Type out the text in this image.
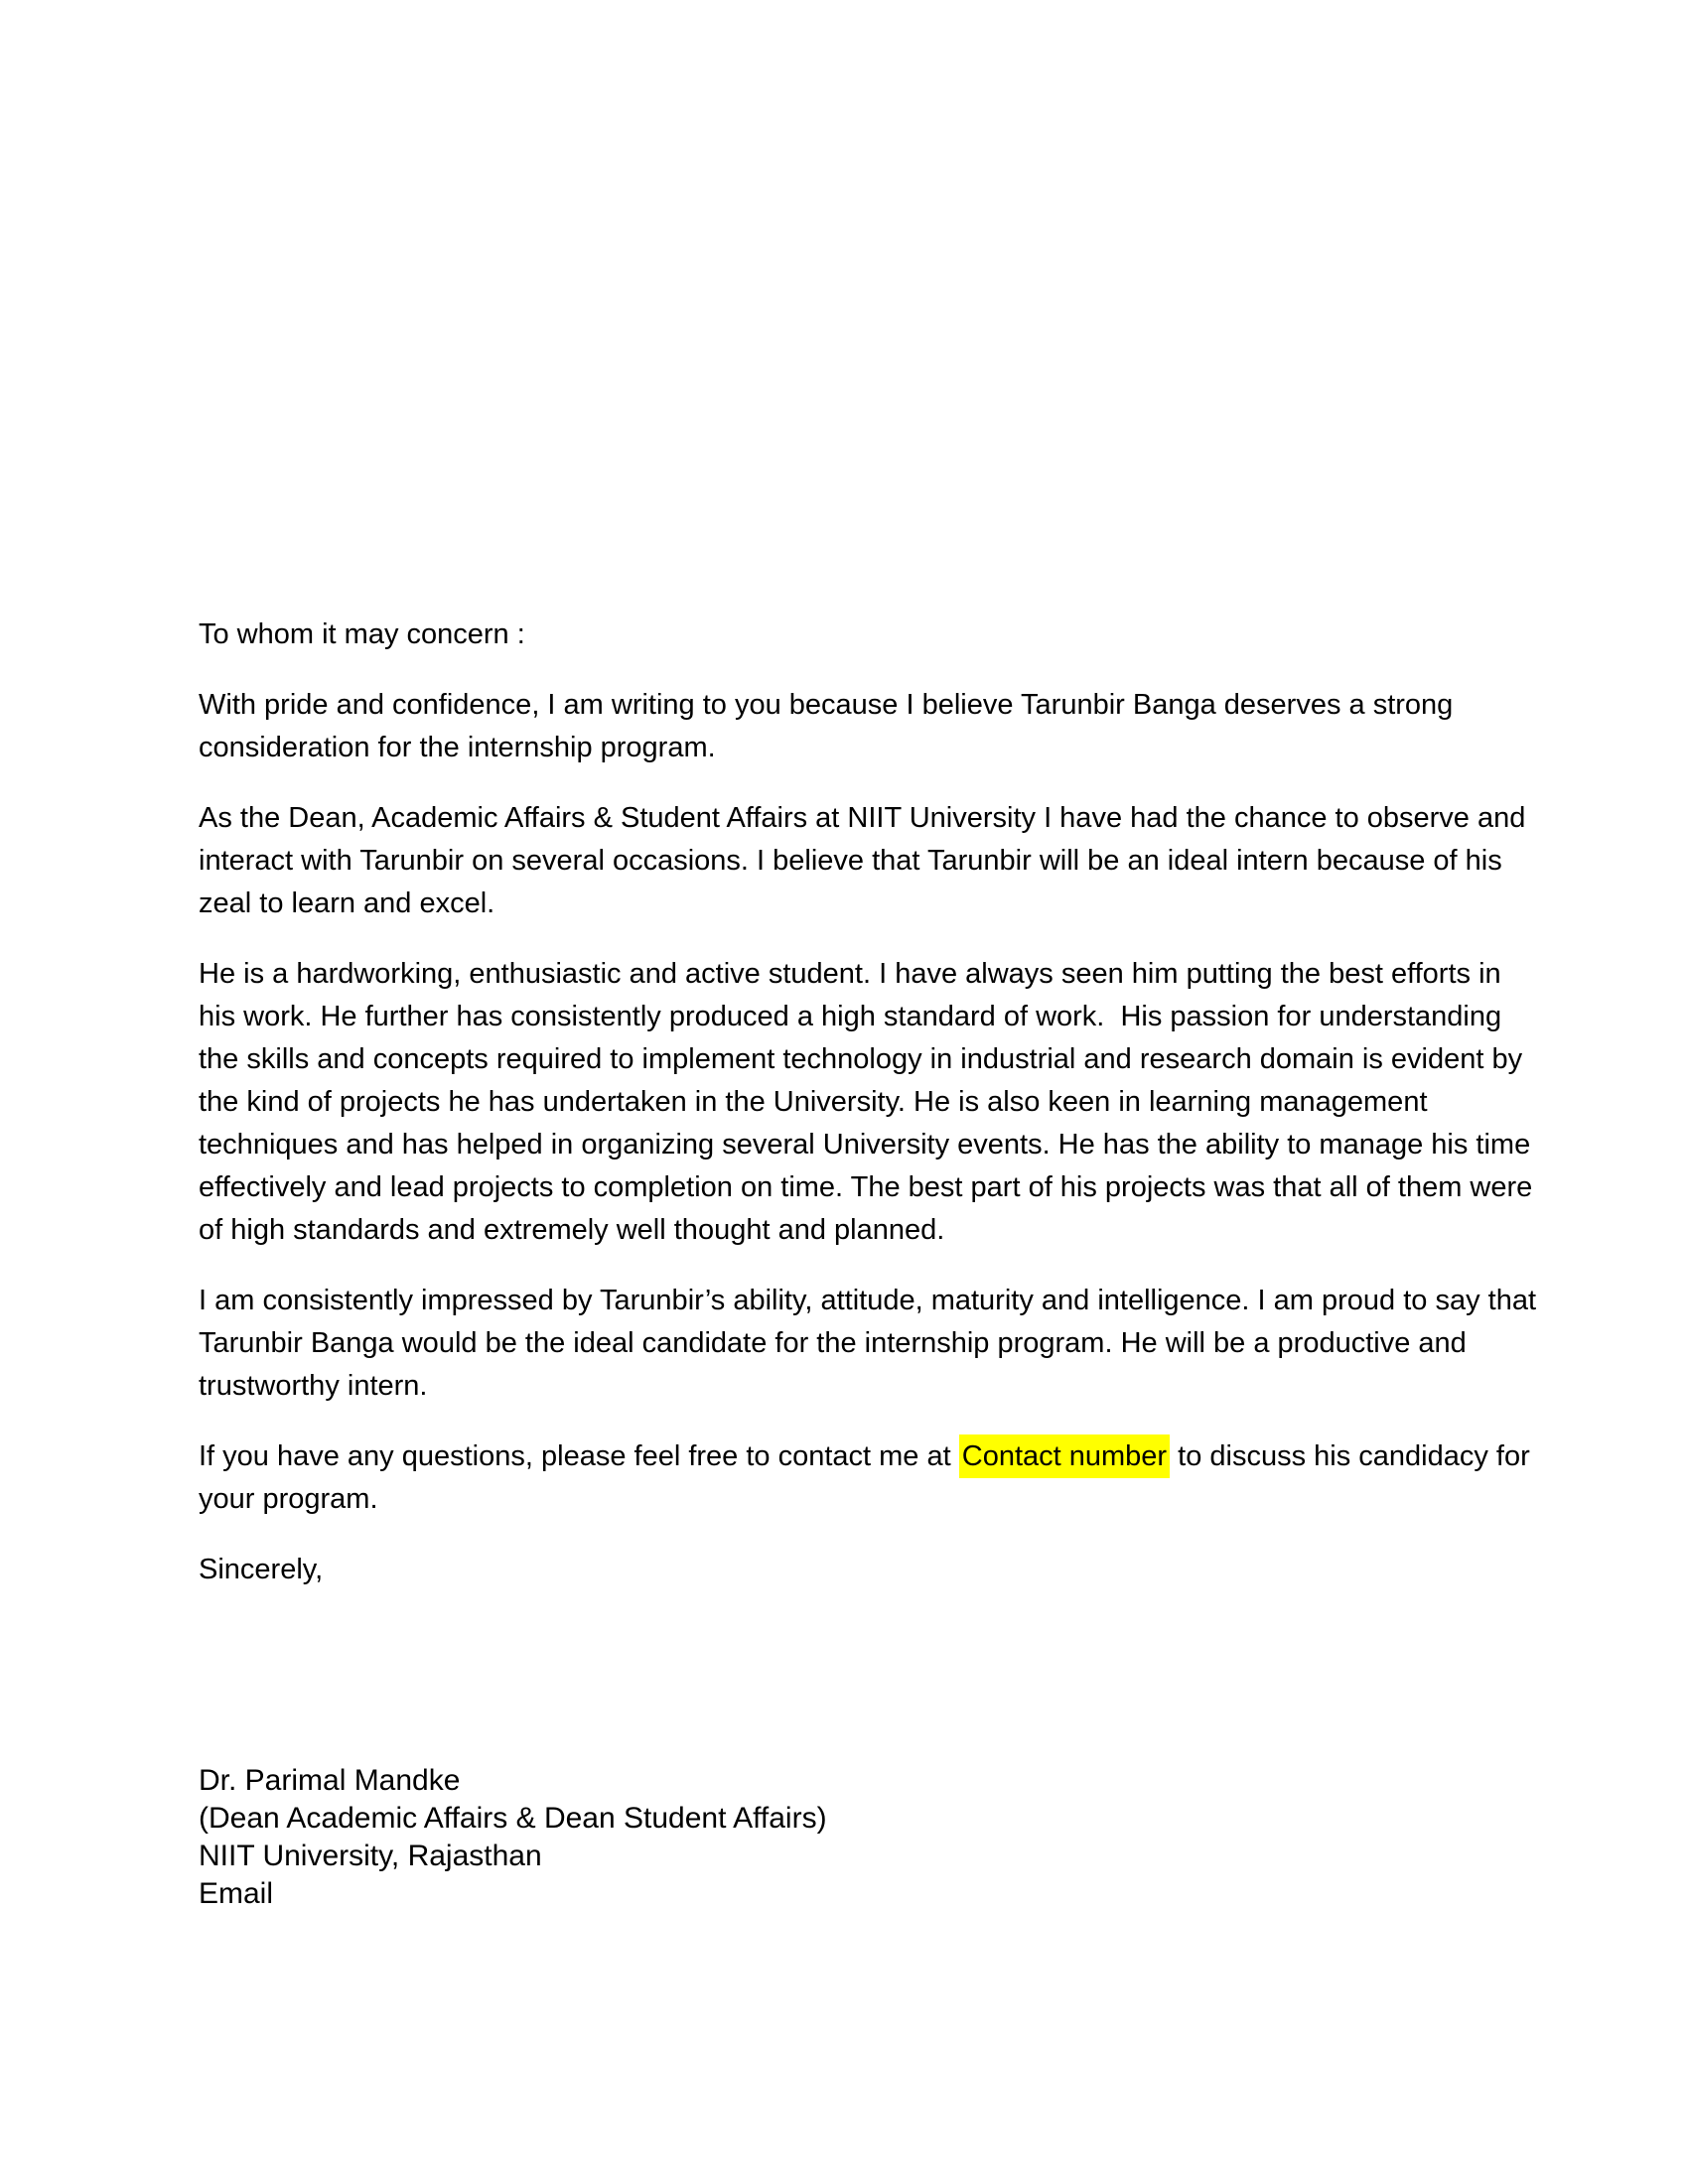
To whom it may concern :

With pride and confidence, I am writing to you because I believe Tarunbir Banga deserves a strong consideration for the internship program.

As the Dean, Academic Affairs & Student Affairs at NIIT University I have had the chance to observe and interact with Tarunbir on several occasions. I believe that Tarunbir will be an ideal intern because of his zeal to learn and excel.

He is a hardworking, enthusiastic and active student. I have always seen him putting the best efforts in his work. He further has consistently produced a high standard of work.  His passion for understanding the skills and concepts required to implement technology in industrial and research domain is evident by the kind of projects he has undertaken in the University. He is also keen in learning management techniques and has helped in organizing several University events. He has the ability to manage his time effectively and lead projects to completion on time. The best part of his projects was that all of them were of high standards and extremely well thought and planned.

I am consistently impressed by Tarunbir’s ability, attitude, maturity and intelligence. I am proud to say that Tarunbir Banga would be the ideal candidate for the internship program. He will be a productive and trustworthy intern.

If you have any questions, please feel free to contact me at Contact number to discuss his candidacy for your program.

Sincerely,

Dr. Parimal Mandke
(Dean Academic Affairs & Dean Student Affairs)
NIIT University, Rajasthan
Email
